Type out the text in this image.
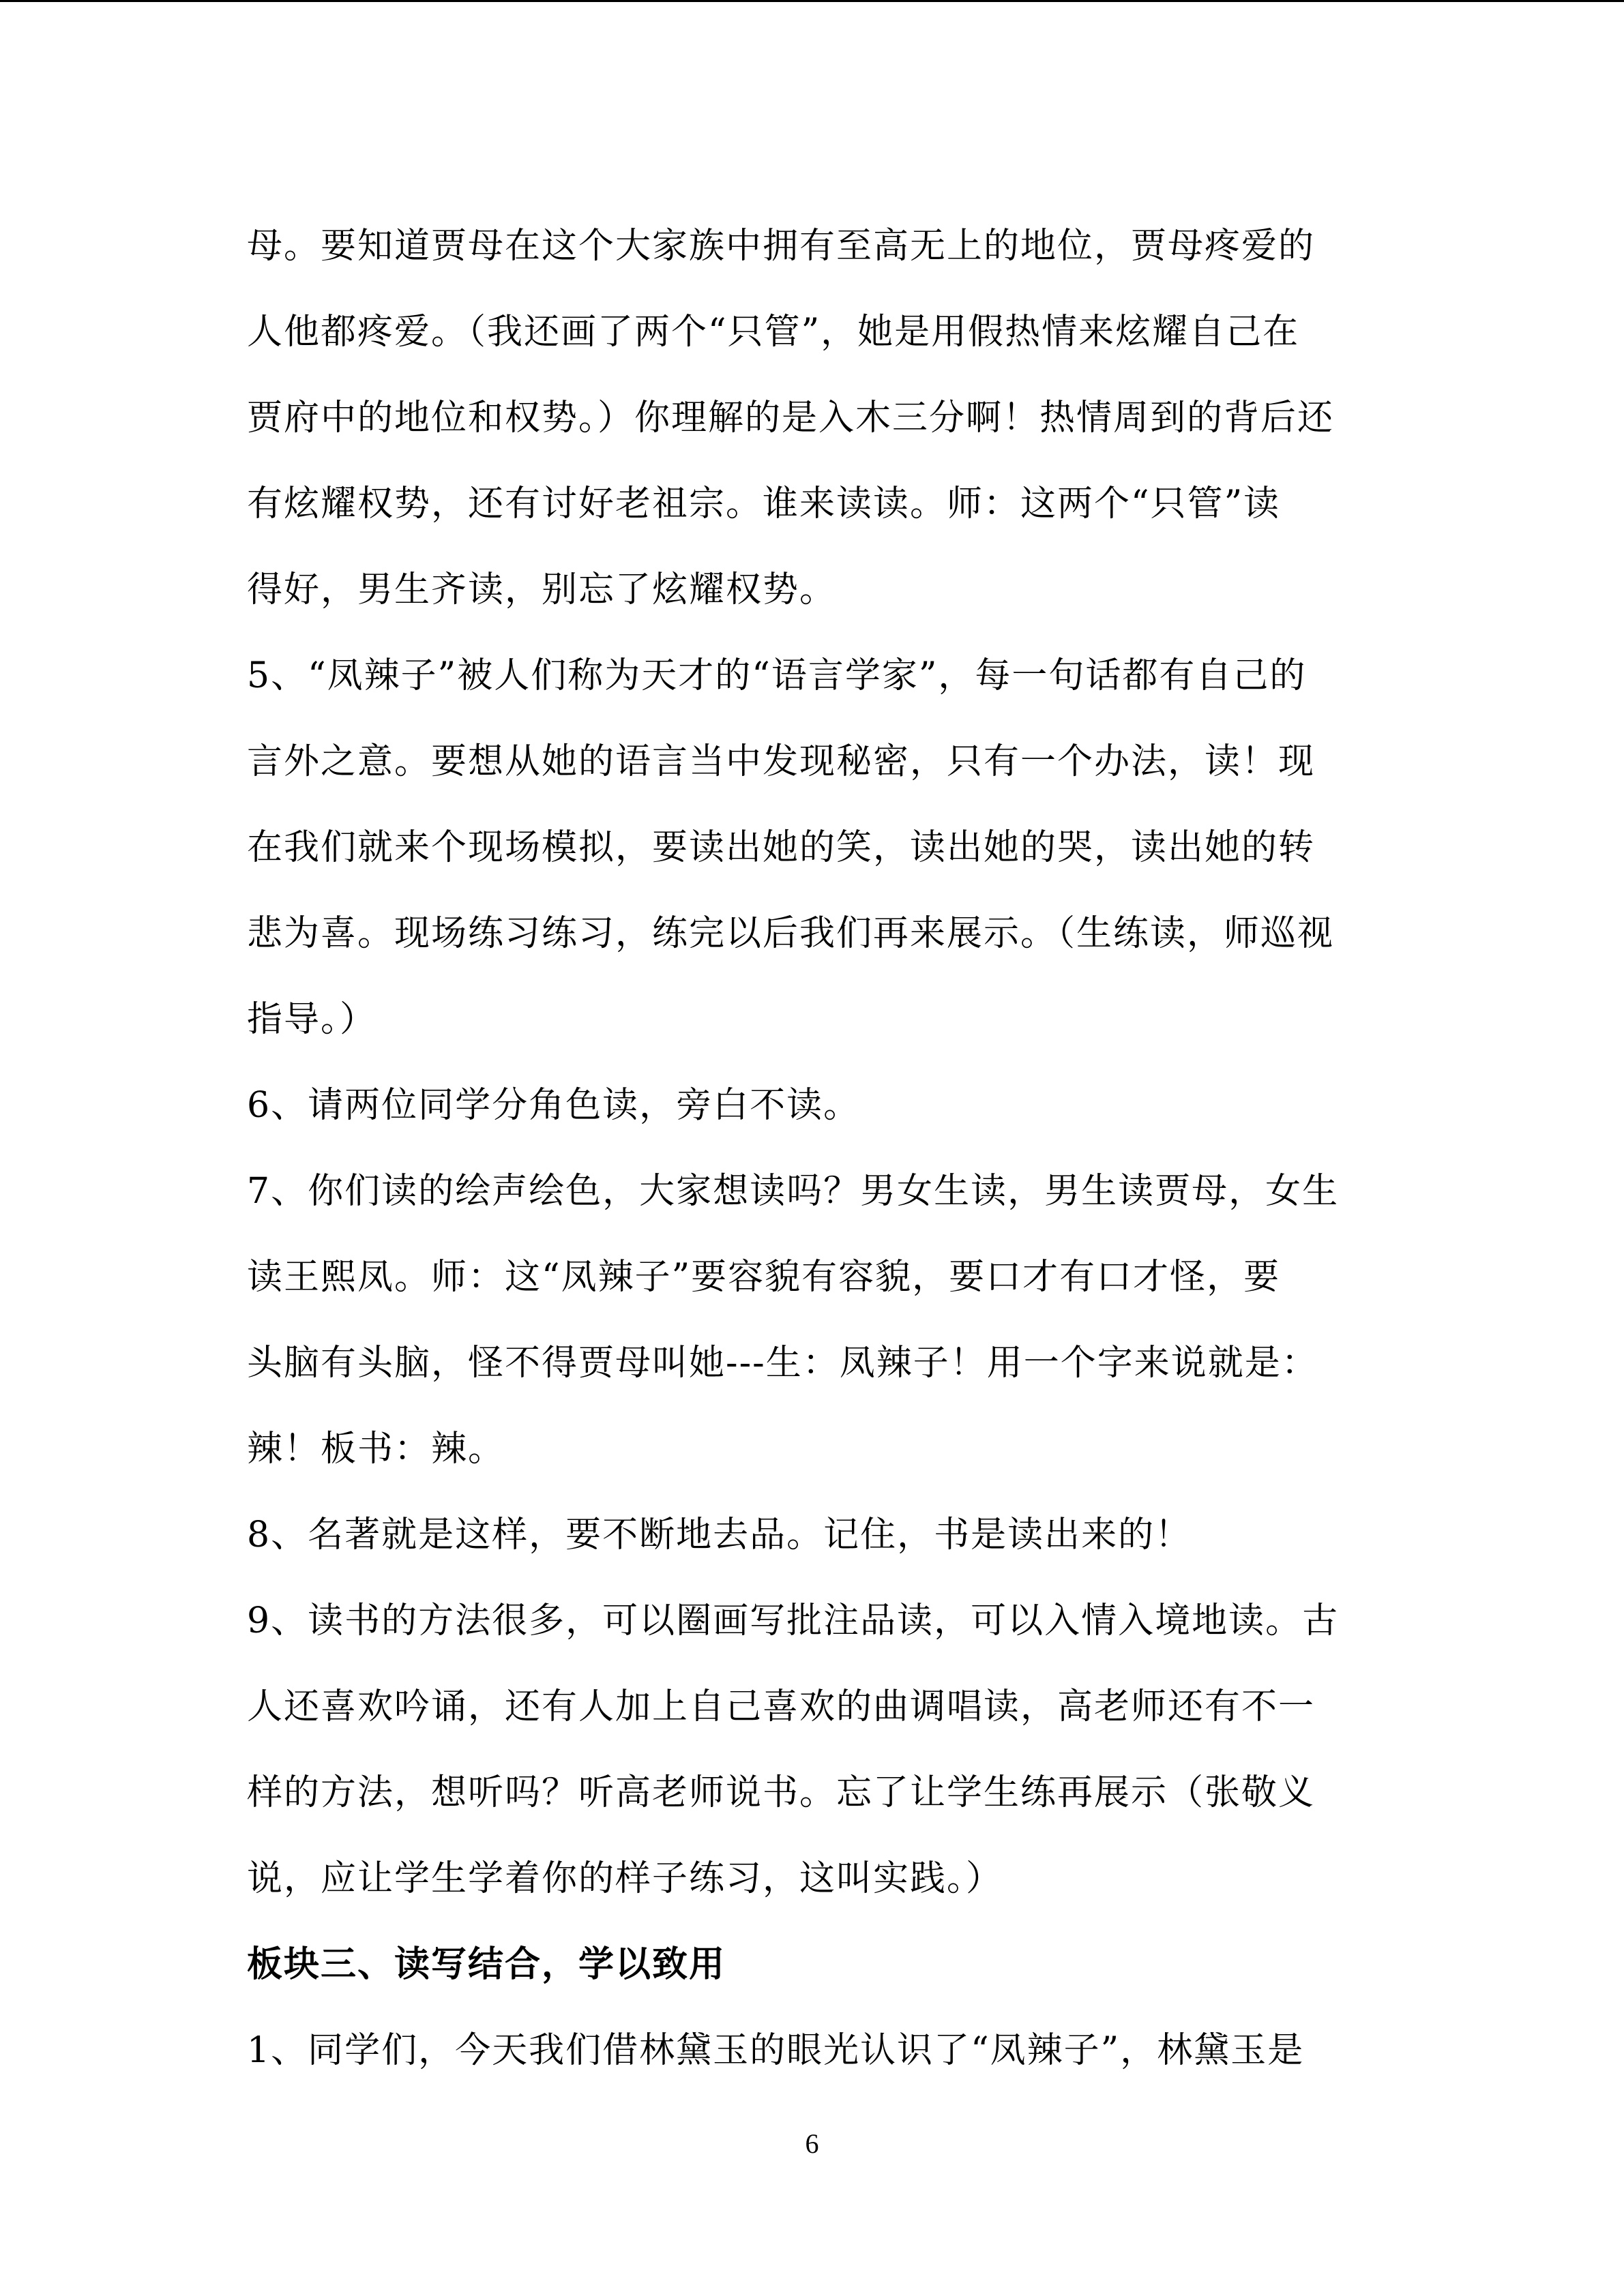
母。要知道贾母在这个大家族中拥有至高无上的地位，贾母疼爱的
人他都疼爱。（我还画了两个“只管”，她是用假热情来炫耀自己在
贾府中的地位和权势。）你理解的是入木三分啊！热情周到的背后还
有炫耀权势，还有讨好老祖宗。谁来读读。师：这两个“只管”读
得好，男生齐读，别忘了炫耀权势。
5、“凤辣子”被人们称为天才的“语言学家”，每一句话都有自己的
言外之意。要想从她的语言当中发现秘密，只有一个办法，读！现
在我们就来个现场模拟，要读出她的笑，读出她的哭，读出她的转
悲为喜。现场练习练习，练完以后我们再来展示。（生练读，师巡视
指导。）
6、请两位同学分角色读，旁白不读。
7、你们读的绘声绘色，大家想读吗？男女生读，男生读贾母，女生
读王熙凤。师：这“凤辣子”要容貌有容貌，要口才有口才怪，要
头脑有头脑，怪不得贾母叫她---生：凤辣子！用一个字来说就是：
辣！板书：辣。
8、名著就是这样，要不断地去品。记住，书是读出来的！
9、读书的方法很多，可以圈画写批注品读，可以入情入境地读。古
人还喜欢吟诵，还有人加上自己喜欢的曲调唱读，高老师还有不一
样的方法，想听吗？听高老师说书。忘了让学生练再展示（张敬义
说，应让学生学着你的样子练习，这叫实践。）
板块三、读写结合，学以致用
1、同学们，今天我们借林黛玉的眼光认识了“凤辣子”，林黛玉是
6
